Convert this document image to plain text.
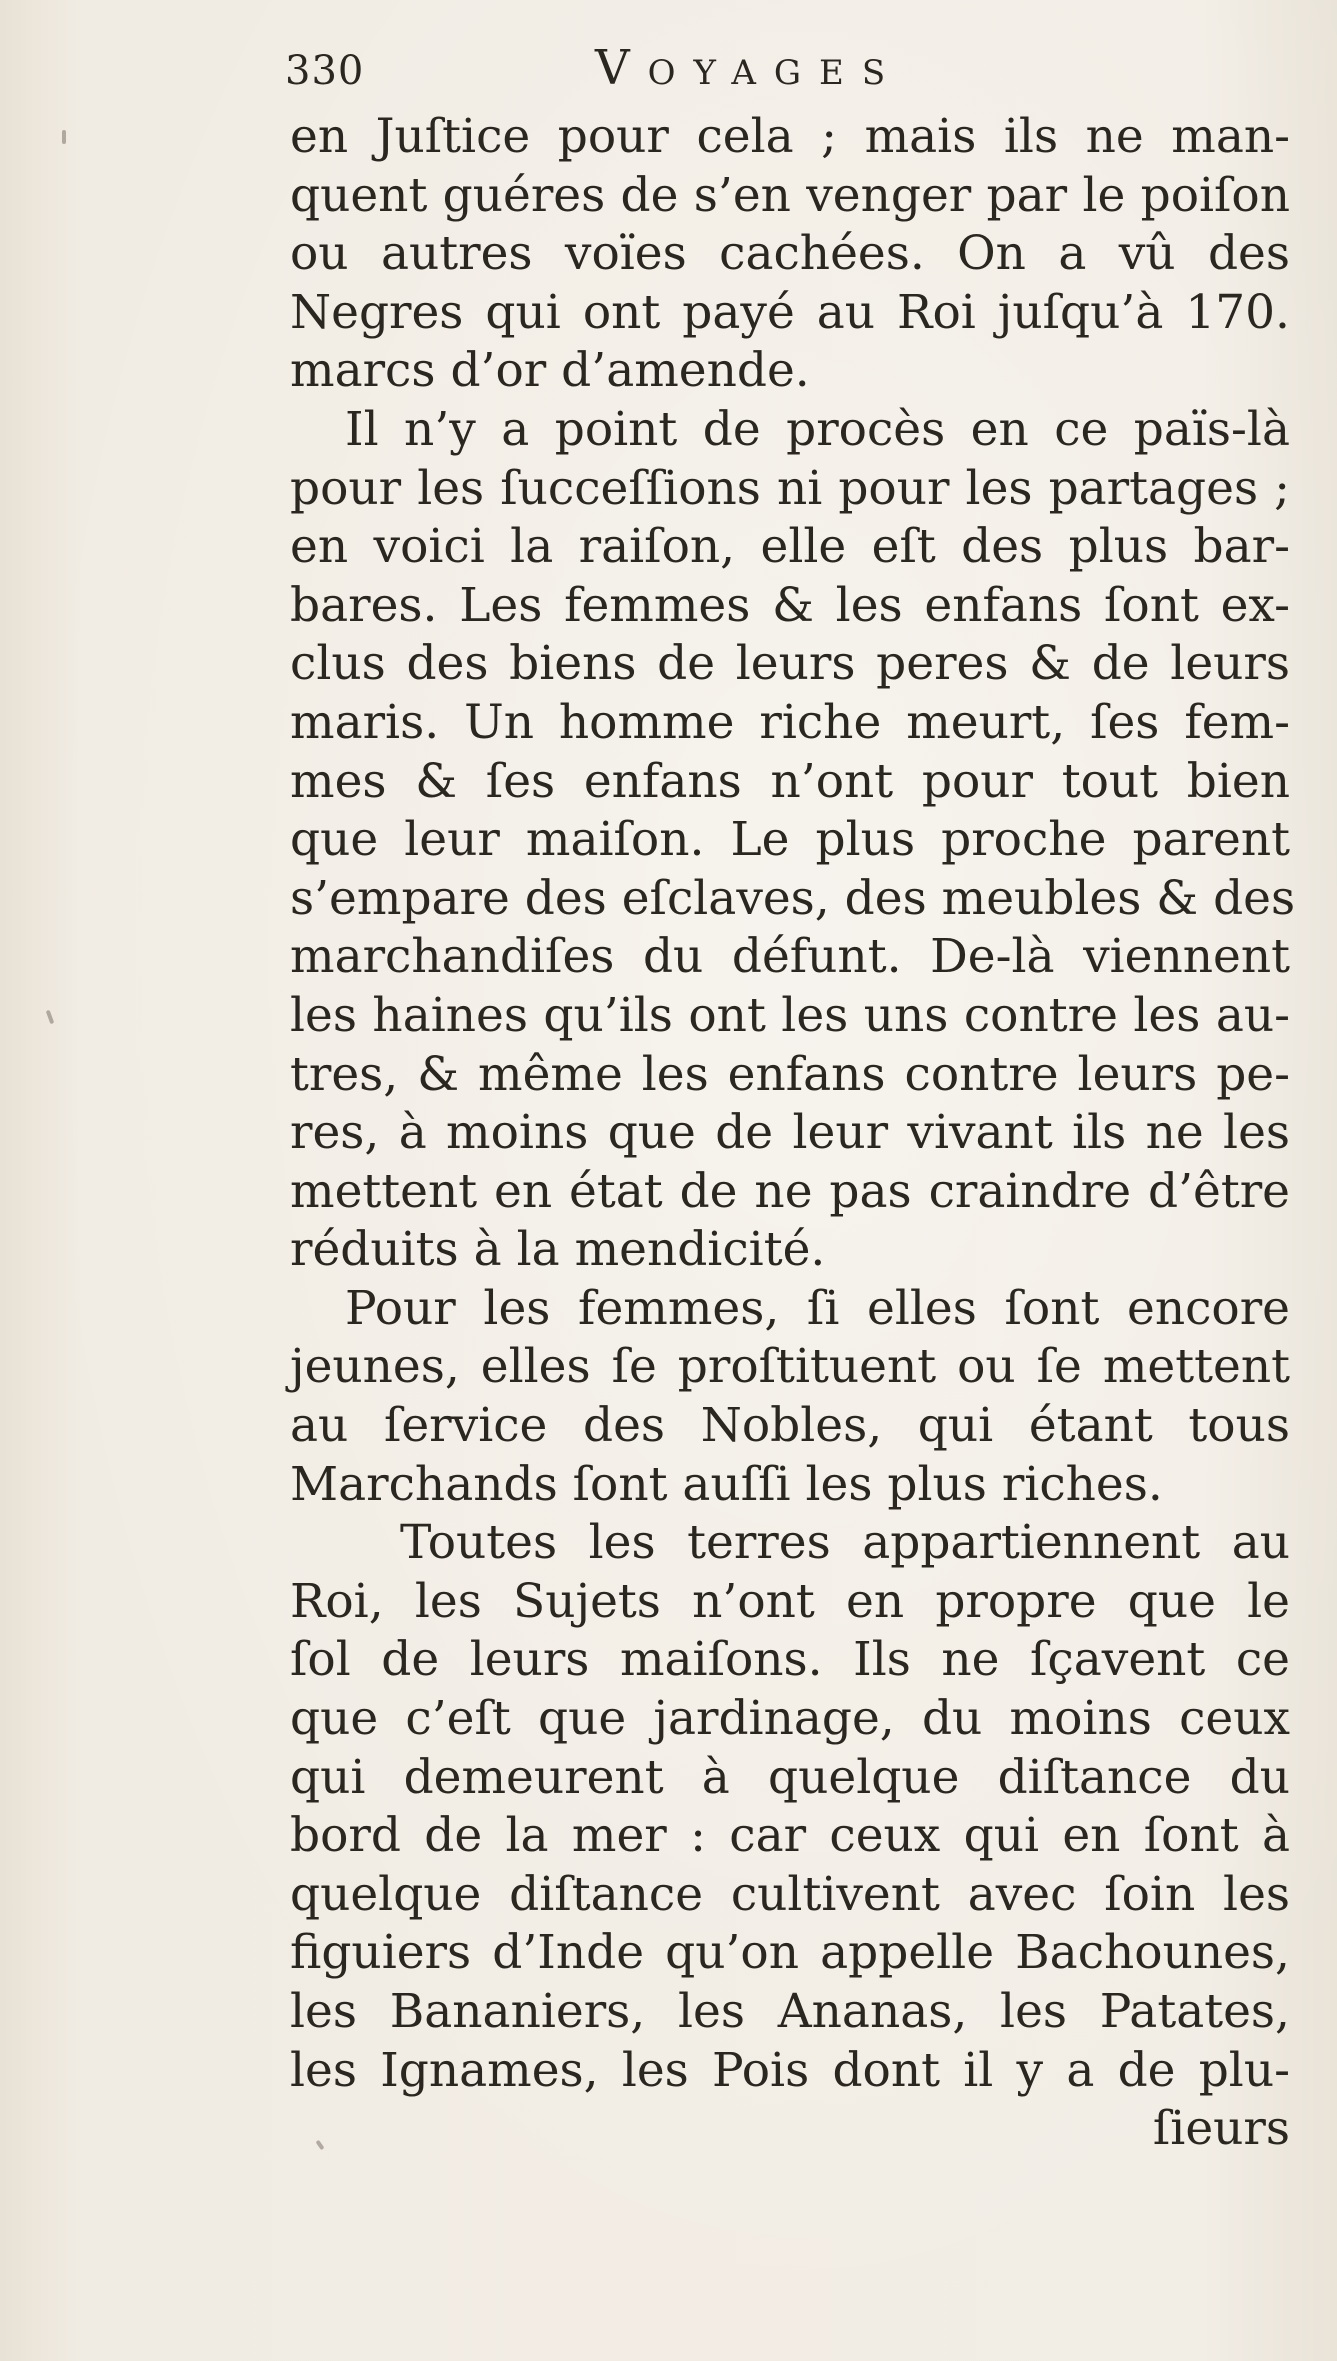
330	Voyages
en Juſtice pour cela ; mais ils ne man-
quent guéres de s’en venger par le poiſon
ou autres voïes cachées. On a vû des
Negres qui ont payé au Roi juſqu’à 170.
marcs d’or d’amende.
Il n’y a point de procès en ce païs-là
pour les ſucceſſions ni pour les partages ;
en voici la raiſon, elle eſt des plus bar-
bares. Les femmes & les enfans ſont ex-
clus des biens de leurs peres & de leurs
maris. Un homme riche meurt, ſes fem-
mes & ſes enfans n’ont pour tout bien
que leur maiſon. Le plus proche parent
s’empare des eſclaves, des meubles & des
marchandiſes du défunt. De-là viennent
les haines qu’ils ont les uns contre les au-
tres, & même les enfans contre leurs pe-
res, à moins que de leur vivant ils ne les
mettent en état de ne pas craindre d’être
réduits à la mendicité.
Pour les femmes, ſi elles ſont encore
jeunes, elles ſe proſtituent ou ſe mettent
au ſervice des Nobles, qui étant tous
Marchands ſont auſſi les plus riches.
Toutes les terres appartiennent au
Roi, les Sujets n’ont en propre que le
ſol de leurs maiſons. Ils ne ſçavent ce
que c’eſt que jardinage, du moins ceux
qui demeurent à quelque diſtance du
bord de la mer : car ceux qui en ſont à
quelque diſtance cultivent avec ſoin les
figuiers d’Inde qu’on appelle Bachounes,
les Bananiers, les Ananas, les Patates,
les Ignames, les Pois dont il y a de plu-
ſieurs
